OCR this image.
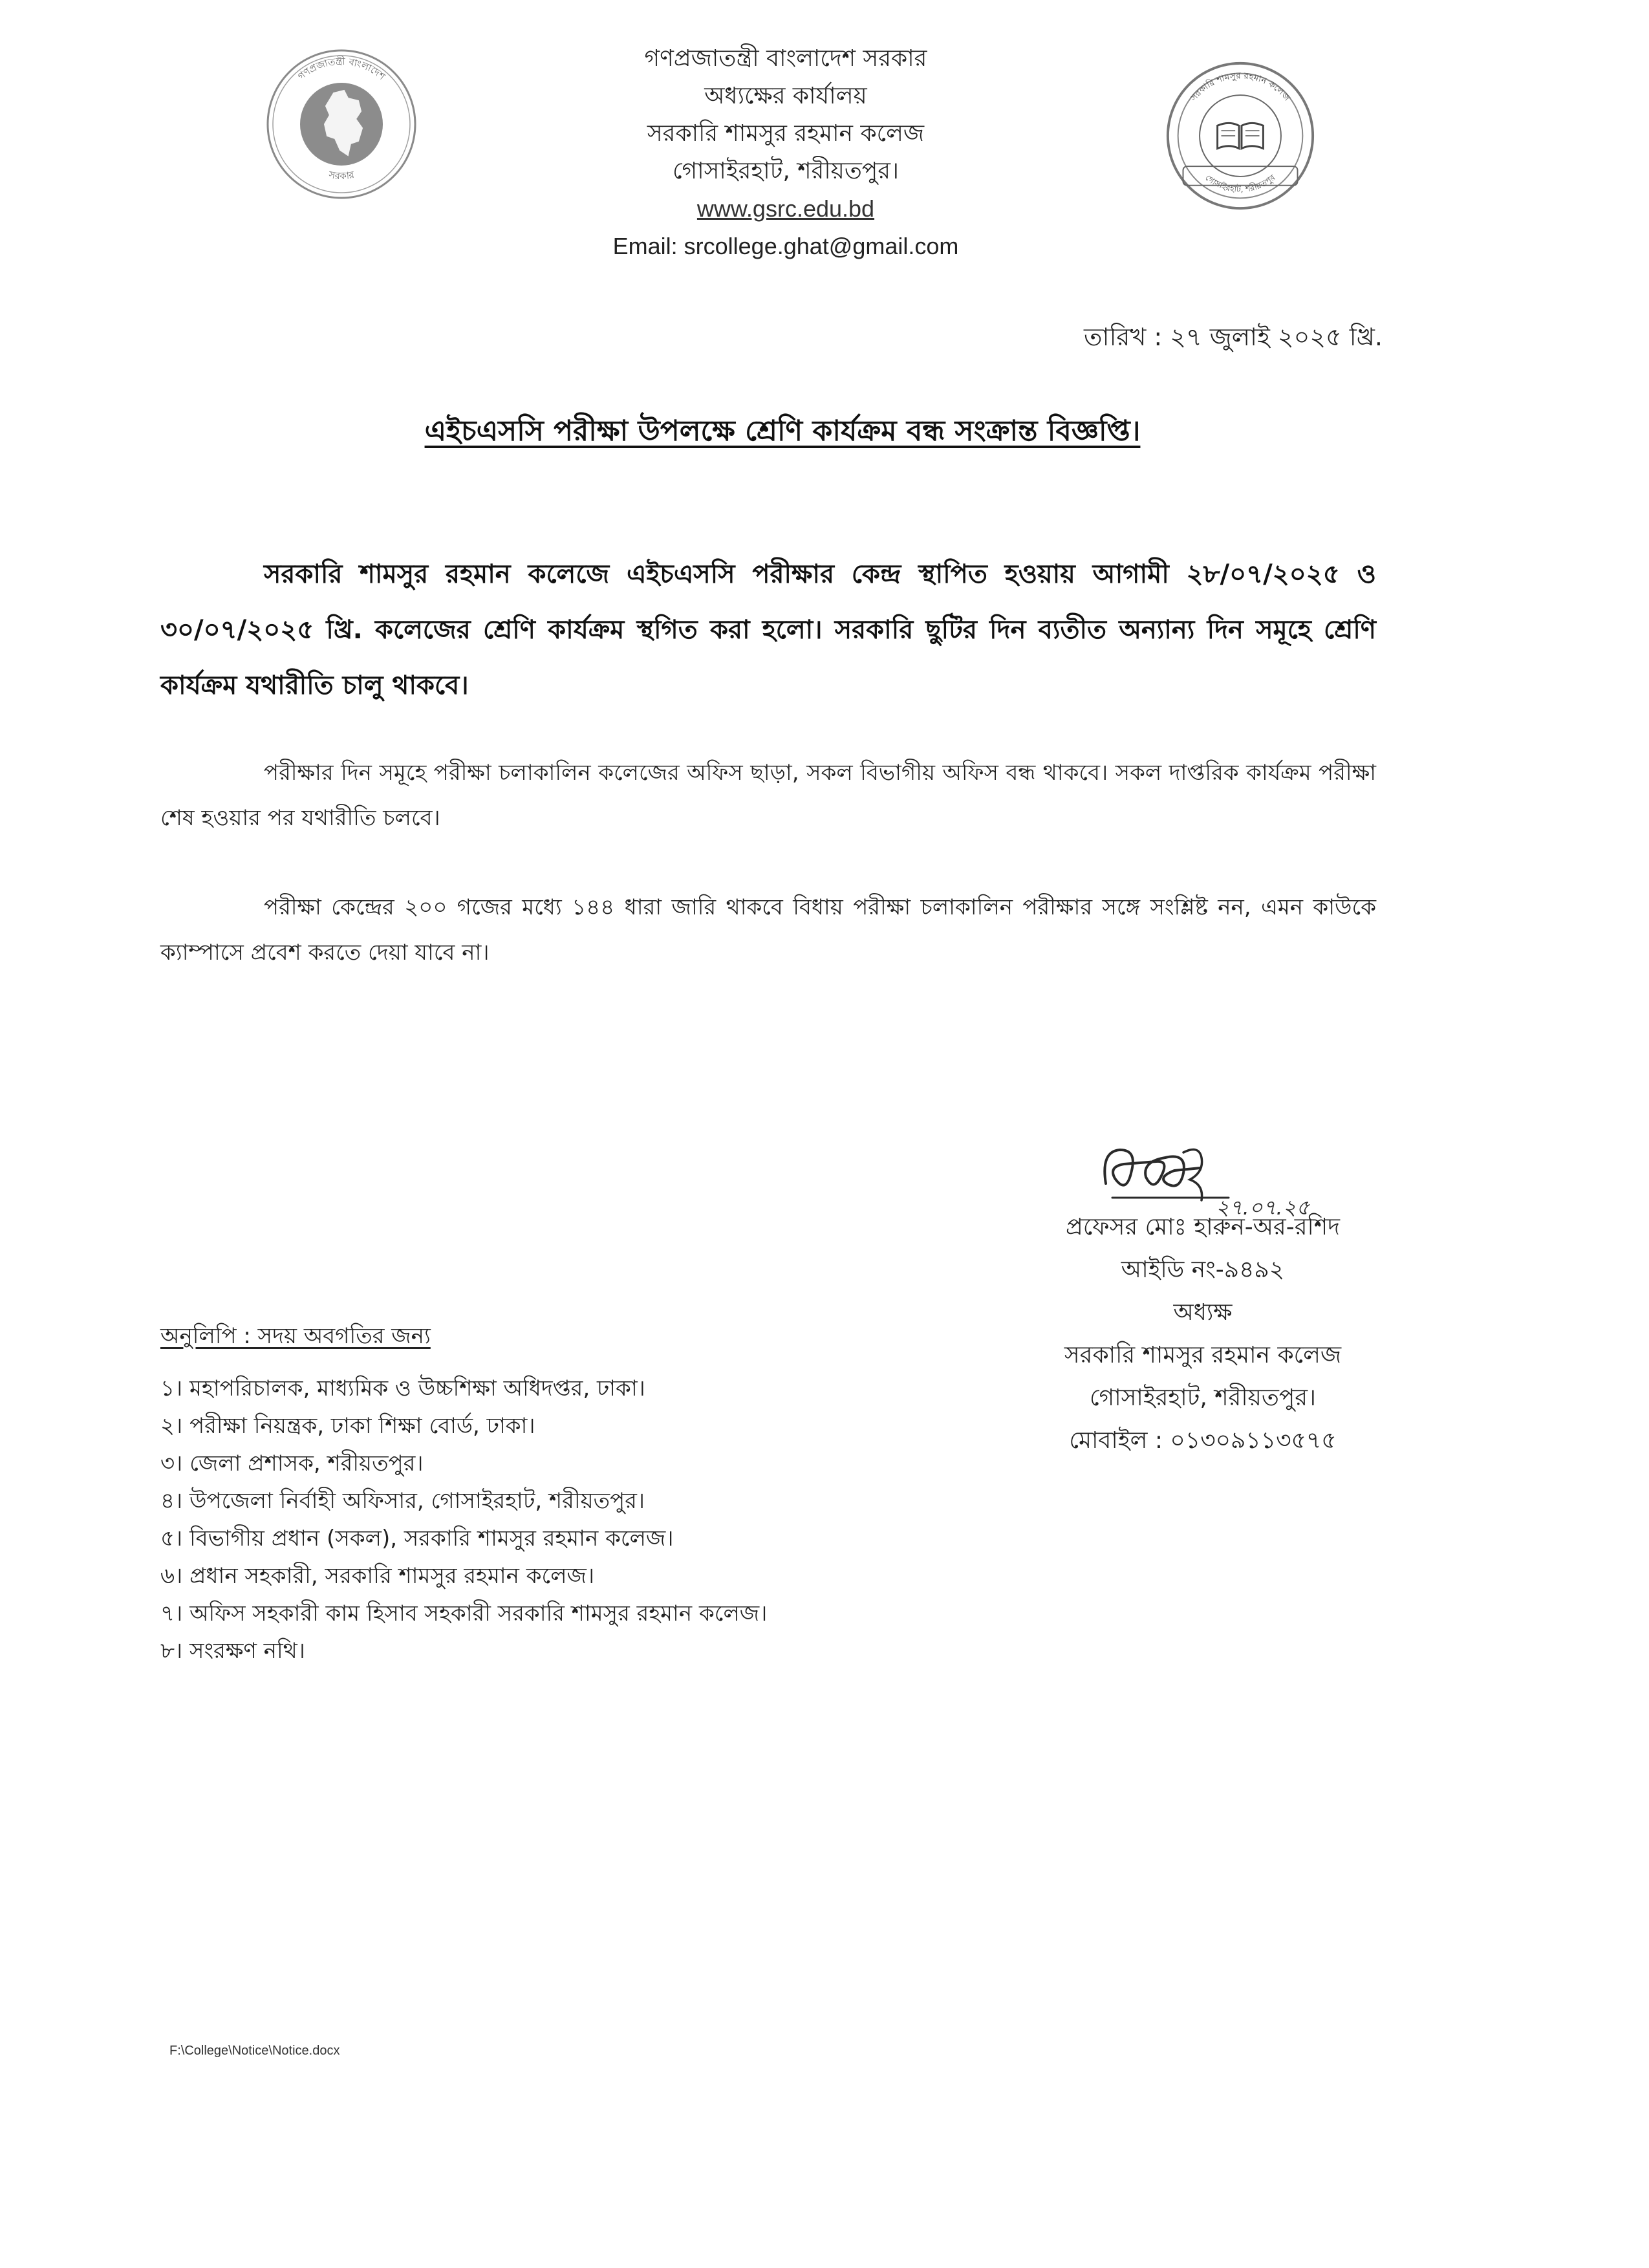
গণপ্রজাতন্ত্রী বাংলাদেশ
সরকার
গণপ্রজাতন্ত্রী বাংলাদেশ সরকার
অধ্যক্ষের কার্যালয়
সরকারি শামসুর রহমান কলেজ
গোসাইরহাট, শরীয়তপুর।
www.gsrc.edu.bd
Email: srcollege.ghat@gmail.com
সরকারি শামসুর রহমান কলেজ
গোসাইরহাট, শরীয়তপুর
তারিখ : ২৭ জুলাই ২০২৫ খ্রি.
এইচএসসি পরীক্ষা উপলক্ষে শ্রেণি কার্যক্রম বন্ধ সংক্রান্ত বিজ্ঞপ্তি।
সরকারি শামসুর রহমান কলেজে এইচএসসি পরীক্ষার কেন্দ্র স্থাপিত হওয়ায় আগামী ২৮/০৭/২০২৫ ও ৩০/০৭/২০২৫ খ্রি. কলেজের শ্রেণি কার্যক্রম স্থগিত করা হলো। সরকারি ছুটির দিন ব্যতীত অন্যান্য দিন সমূহে শ্রেণি কার্যক্রম যথারীতি চালু থাকবে।
পরীক্ষার দিন সমূহে পরীক্ষা চলাকালিন কলেজের অফিস ছাড়া, সকল বিভাগীয় অফিস বন্ধ থাকবে। সকল দাপ্তরিক কার্যক্রম পরীক্ষা শেষ হওয়ার পর যথারীতি চলবে।
পরীক্ষা কেন্দ্রের ২০০ গজের মধ্যে ১৪৪ ধারা জারি থাকবে বিধায় পরীক্ষা চলাকালিন পরীক্ষার সঙ্গে সংশ্লিষ্ট নন, এমন কাউকে ক্যাম্পাসে প্রবেশ করতে দেয়া যাবে না।
২৭.০৭.২৫
প্রফেসর মোঃ হারুন-অর-রশিদ
আইডি নং-৯৪৯২
অধ্যক্ষ
সরকারি শামসুর রহমান কলেজ
গোসাইরহাট, শরীয়তপুর।
মোবাইল : ০১৩০৯১১৩৫৭৫
অনুলিপি : সদয় অবগতির জন্য
১। মহাপরিচালক, মাধ্যমিক ও উচ্চশিক্ষা অধিদপ্তর, ঢাকা।
২। পরীক্ষা নিয়ন্ত্রক, ঢাকা শিক্ষা বোর্ড, ঢাকা।
৩। জেলা প্রশাসক, শরীয়তপুর।
৪। উপজেলা নির্বাহী অফিসার, গোসাইরহাট, শরীয়তপুর।
৫। বিভাগীয় প্রধান (সকল), সরকারি শামসুর রহমান কলেজ।
৬। প্রধান সহকারী, সরকারি শামসুর রহমান কলেজ।
৭। অফিস সহকারী কাম হিসাব সহকারী সরকারি শামসুর রহমান কলেজ।
৮। সংরক্ষণ নথি।
F:\College\Notice\Notice.docx
